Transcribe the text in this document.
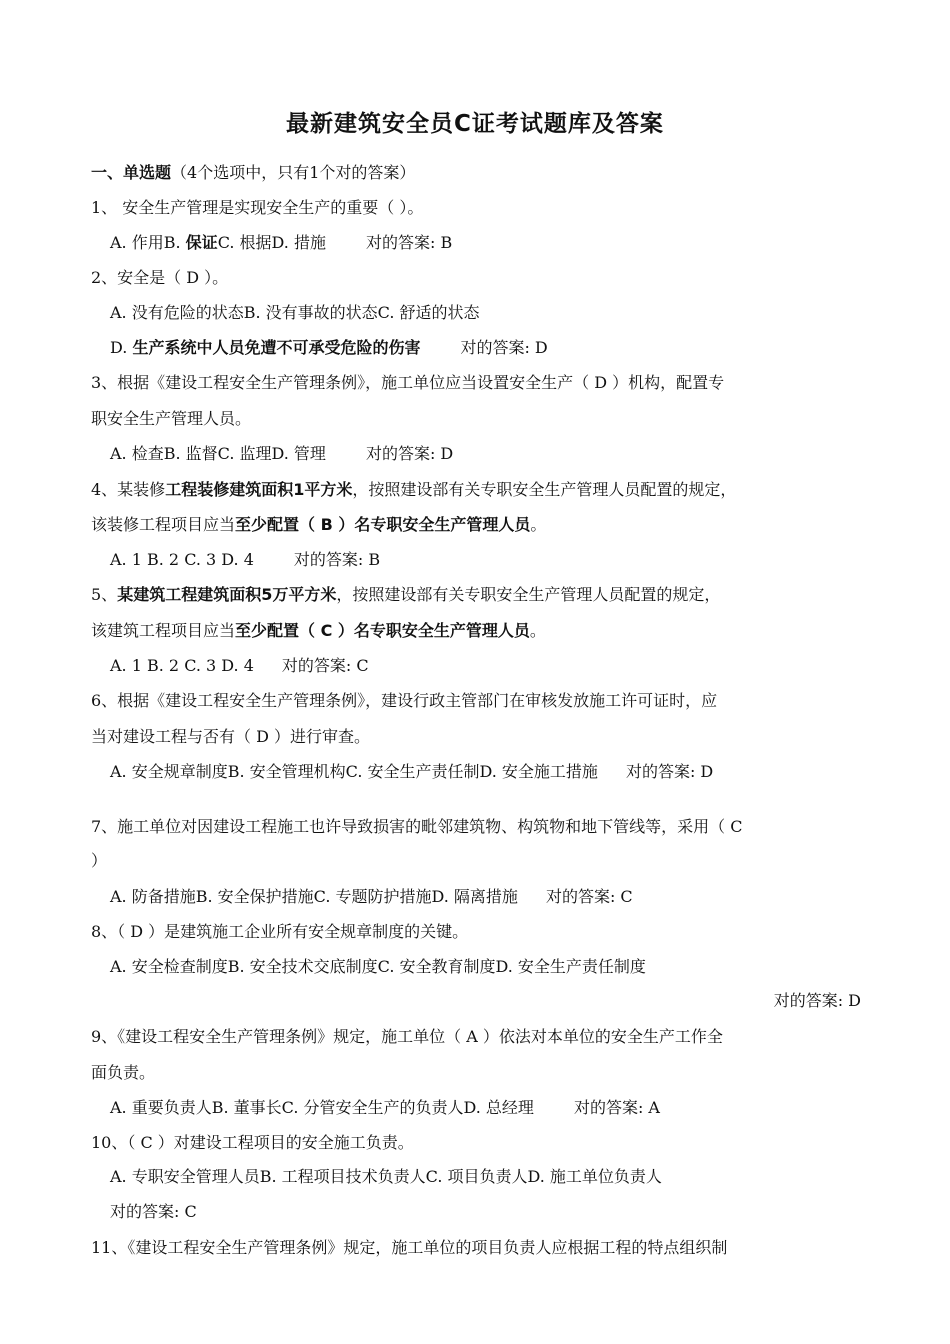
最新建筑安全员C证考试题库及答案
一、单选题（4个选项中，只有1个对的答案）
1、 安全生产管理是实现安全生产的重要（ ）。
A. 作用B. 保证C. 根据D. 措施	对的答案: B
2、安全是（ D ）。
A. 没有危险的状态B. 没有事故的状态C. 舒适的状态
D. 生产系统中人员免遭不可承受危险的伤害	对的答案: D
3、根据《建设工程安全生产管理条例》，施工单位应当设置安全生产（ D ）机构，配置专
职安全生产管理人员。
A. 检查B. 监督C. 监理D. 管理	对的答案: D
4、某装修工程装修建筑面积1平方米，按照建设部有关专职安全生产管理人员配置的规定，
该装修工程项目应当至少配置（ B ）名专职安全生产管理人员。
A. 1 B. 2 C. 3 D. 4	对的答案: B
5、某建筑工程建筑面积5万平方米，按照建设部有关专职安全生产管理人员配置的规定，
该建筑工程项目应当至少配置（ C ）名专职安全生产管理人员。
A. 1 B. 2 C. 3 D. 4 对的答案: C
6、根据《建设工程安全生产管理条例》，建设行政主管部门在审核发放施工许可证时，应
当对建设工程与否有（ D ）进行审查。
A. 安全规章制度B. 安全管理机构C. 安全生产责任制D. 安全施工措施 对的答案: D
7、施工单位对因建设工程施工也许导致损害的毗邻建筑物、构筑物和地下管线等，采用（ C
）
A. 防备措施B. 安全保护措施C. 专题防护措施D. 隔离措施 对的答案: C
8、（ D ）是建筑施工企业所有安全规章制度的关键。
A. 安全检查制度B. 安全技术交底制度C. 安全教育制度D. 安全生产责任制度
对的答案: D
9、《建设工程安全生产管理条例》规定，施工单位（ A ）依法对本单位的安全生产工作全
面负责。
A. 重要负责人B. 董事长C. 分管安全生产的负责人D. 总经理	对的答案: A
10、（ C ）对建设工程项目的安全施工负责。
A. 专职安全管理人员B. 工程项目技术负责人C. 项目负责人D. 施工单位负责人
对的答案: C
11、《建设工程安全生产管理条例》规定，施工单位的项目负责人应根据工程的特点组织制
